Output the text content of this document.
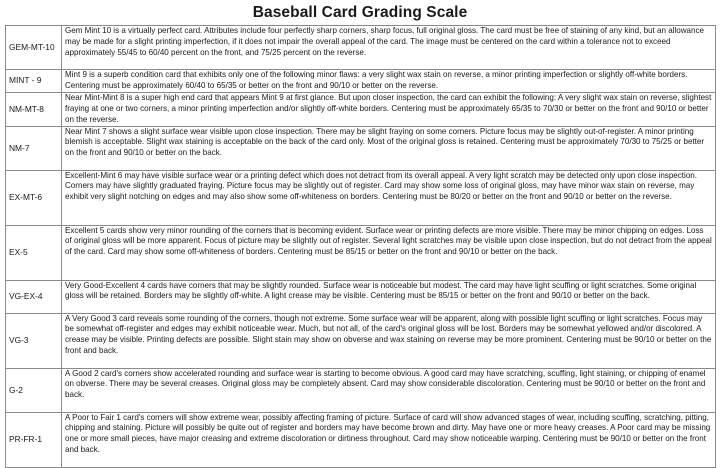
Baseball Card Grading Scale
GEM-MT-10	Gem Mint 10 is a virtually perfect card. Attributes include four perfectly sharp corners, sharp focus, full original gloss. The card must be free of staining of any kind, but an allowance may be made for a slight printing imperfection, if it does not impair the overall appeal of the card. The image must be centered on the card within a tolerance not to exceed approximately 55/45 to 60/40 percent on the front, and 75/25 percent on the reverse.
MINT - 9	Mint 9 is a superb condition card that exhibits only one of the following minor flaws: a very slight wax stain on reverse, a minor printing imperfection or slightly off-white borders. Centering must be approximately 60/40 to 65/35 or better on the front and 90/10 or better on the reverse.
NM-MT-8	Near Mint-Mint 8 is a super high end card that appears Mint 9 at first glance. But upon closer inspection, the card can exhibit the following: A very slight wax stain on reverse, slightest fraying at one or two corners, a minor printing imperfection and/or slightly off-white borders. Centering must be approximately 65/35 to 70/30 or better on the front and 90/10 or better on the reverse.
NM-7	Near Mint 7 shows a slight surface wear visible upon close inspection. There may be slight fraying on some corners. Picture focus may be slightly out-of-register. A minor printing blemish is acceptable. Slight wax staining is acceptable on the back of the card only. Most of the original gloss is retained. Centering must be approximately 70/30 to 75/25 or better on the front and 90/10 or better on the back.
EX-MT-6	Excellent-Mint 6 may have visible surface wear or a printing defect which does not detract from its overall appeal. A very light scratch may be detected only upon close inspection. Corners may have slightly graduated fraying. Picture focus may be slightly out of register. Card may show some loss of original gloss, may have minor wax stain on reverse, may exhibit very slight notching on edges and may also show some off-whiteness on borders. Centering must be 80/20 or better on the front and 90/10 or better on the reverse.
EX-5	Excellent 5 cards show very minor rounding of the corners that is becoming evident. Surface wear or printing defects are more visible. There may be minor chipping on edges. Loss of original gloss will be more apparent. Focus of picture may be slightly out of register. Several light scratches may be visible upon close inspection, but do not detract from the appeal of the card. Card may show some off-whiteness of borders. Centering must be 85/15 or better on the front and 90/10 or better on the back.
VG-EX-4	Very Good-Excellent 4 cards have corners that may be slightly rounded. Surface wear is noticeable but modest. The card may have light scuffing or light scratches. Some original gloss will be retained. Borders may be slightly off-white. A light crease may be visible. Centering must be 85/15 or better on the front and 90/10 or better on the back.
VG-3	A Very Good 3 card reveals some rounding of the corners, though not extreme. Some surface wear will be apparent, along with possible light scuffing or light scratches. Focus may be somewhat off-register and edges may exhibit noticeable wear. Much, but not all, of the card's original gloss will be lost. Borders may be somewhat yellowed and/or discolored. A crease may be visible. Printing defects are possible. Slight stain may show on obverse and wax staining on reverse may be more prominent. Centering must be 90/10 or better on the front and back.
G-2	A Good 2 card's corners show accelerated rounding and surface wear is starting to become obvious. A good card may have scratching, scuffing, light staining, or chipping of enamel on obverse. There may be several creases. Original gloss may be completely absent. Card may show considerable discoloration. Centering must be 90/10 or better on the front and back.
PR-FR-1	A Poor to Fair 1 card's corners will show extreme wear, possibly affecting framing of picture. Surface of card will show advanced stages of wear, including scuffing, scratching, pitting, chipping and staining. Picture will possibly be quite out of register and borders may have become brown and dirty. May have one or more heavy creases. A Poor card may be missing one or more small pieces, have major creasing and extreme discoloration or dirtiness throughout. Card may show noticeable warping. Centering must be 90/10 or better on the front and back.
